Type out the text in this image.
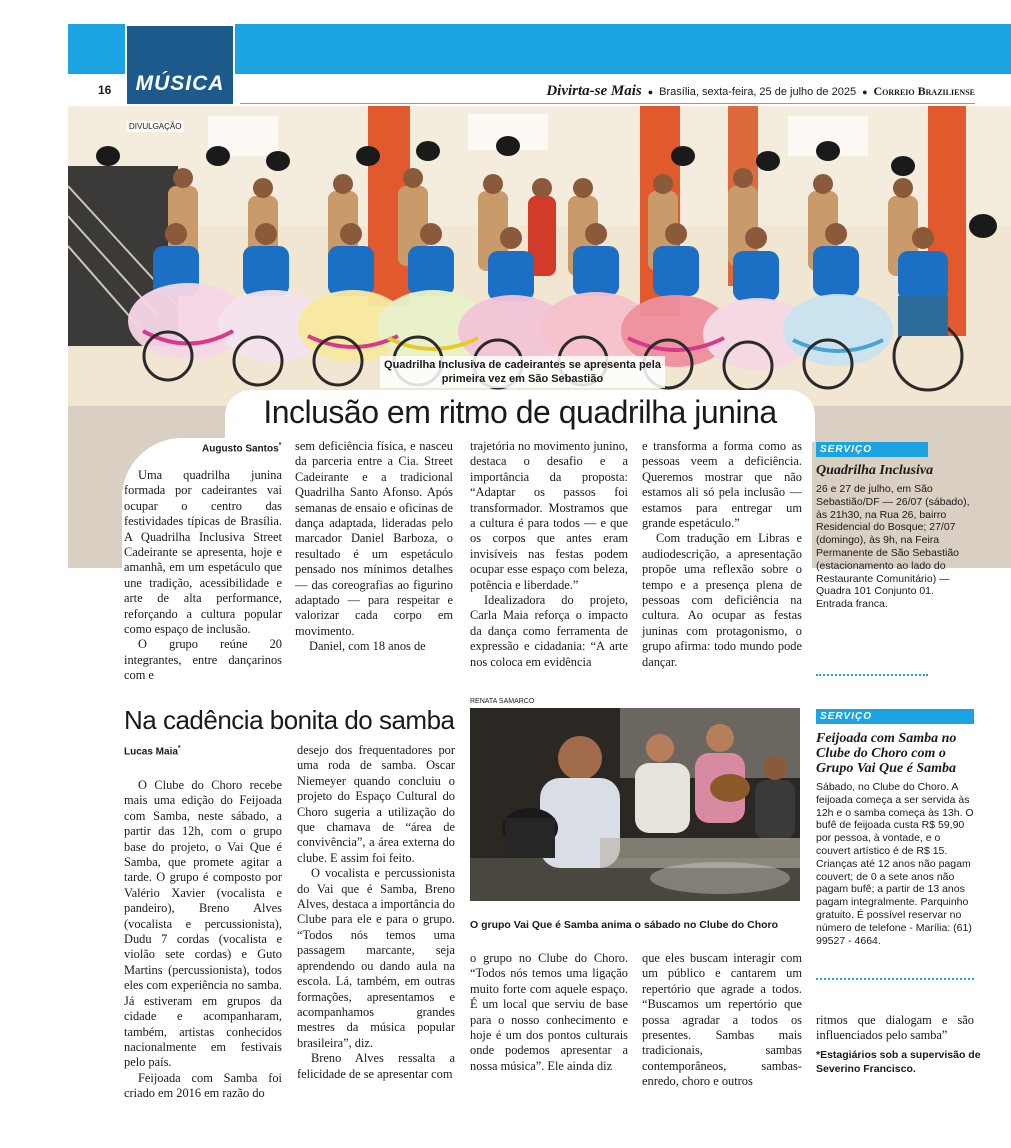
MÚSICA
16	Divirta-se Mais ● Brasília, sexta-feira, 25 de julho de 2025 ● Correio Braziliense
DIVULGAÇÃO
Quadrilha Inclusiva de cadeirantes se apresenta pela primeira vez em São Sebastião
Inclusão em ritmo de quadrilha junina
Augusto Santos*

Uma quadrilha junina formada por cadeirantes vai ocupar o centro das festividades típicas de Brasília. A Quadrilha Inclusiva Street Cadeirante se apresenta, hoje e amanhã, em um espetáculo que une tradição, acessibilidade e arte de alta performance, reforçando a cultura popular como espaço de inclusão.

O grupo reúne 20 integrantes, entre dançarinos com e

sem deficiência física, e nasceu da parceria entre a Cia. Street Cadeirante e a tradicional Quadrilha Santo Afonso. Após semanas de ensaio e oficinas de dança adaptada, lideradas pelo marcador Daniel Barboza, o resultado é um espetáculo pensado nos mínimos detalhes — das coreografias ao figurino adaptado — para respeitar e valorizar cada corpo em movimento.

Daniel, com 18 anos de

trajetória no movimento junino, destaca o desafio e a importância da proposta: “Adaptar os passos foi transformador. Mostramos que a cultura é para todos — e que os corpos que antes eram invisíveis nas festas podem ocupar esse espaço com beleza, potência e liberdade.”

Idealizadora do projeto, Carla Maia reforça o impacto da dança como ferramenta de expressão e cidadania: “A arte nos coloca em evidência

e transforma a forma como as pessoas veem a deficiência. Queremos mostrar que não estamos ali só pela inclusão — estamos para entregar um grande espetáculo.”

Com tradução em Libras e audiodescrição, a apresentação propõe uma reflexão sobre o tempo e a presença plena de pessoas com deficiência na cultura. Ao ocupar as festas juninas com protagonismo, o grupo afirma: todo mundo pode dançar.

SERVIÇO
Quadrilha Inclusiva
26 e 27 de julho, em São Sebastião/DF — 26/07 (sábado), às 21h30, na Rua 26, bairro Residencial do Bosque; 27/07 (domingo), às 9h, na Feira Permanente de São Sebastião (estacionamento ao lado do Restaurante Comunitário) — Quadra 101 Conjunto 01. Entrada franca.
Na cadência bonita do samba
Lucas Maia*

O Clube do Choro recebe mais uma edição do Feijoada com Samba, neste sábado, a partir das 12h, com o grupo base do projeto, o Vai Que é Samba, que promete agitar a tarde. O grupo é composto por Valério Xavier (vocalista e pandeiro), Breno Alves (vocalista e percussionista), Dudu 7 cordas (vocalista e violão sete cordas) e Guto Martins (percussionista), todos eles com experiência no samba. Já estiveram em grupos da cidade e acompanharam, também, artistas conhecidos nacionalmente em festivais pelo país.

Feijoada com Samba foi criado em 2016 em razão do

desejo dos frequentadores por uma roda de samba. Oscar Niemeyer quando concluiu o projeto do Espaço Cultural do Choro sugeria a utilização do que chamava de “área de convivência”, a área externa do clube. E assim foi feito.

O vocalista e percussionista do Vai que é Samba, Breno Alves, destaca a importância do Clube para ele e para o grupo. “Todos nós temos uma passagem marcante, seja aprendendo ou dando aula na escola. Lá, também, em outras formações, apresentamos e acompanhamos grandes mestres da música popular brasileira”, diz.

Breno Alves ressalta a felicidade de se apresentar com

RENATA SAMARCO
O grupo Vai Que é Samba anima o sábado no Clube do Choro

o grupo no Clube do Choro. “Todos nós temos uma ligação muito forte com aquele espaço. É um local que serviu de base para o nosso conhecimento e hoje é um dos pontos culturais onde podemos apresentar a nossa música”. Ele ainda diz

que eles buscam interagir com um público e cantarem um repertório que agrade a todos. “Buscamos um repertório que possa agradar a todos os presentes. Sambas mais tradicionais, sambas contemporâneos, sambas-enredo, choro e outros

SERVIÇO
Feijoada com Samba no Clube do Choro com o Grupo Vai Que é Samba
Sábado, no Clube do Choro. A feijoada começa a ser servida às 12h e o samba começa às 13h. O bufê de feijoada custa R$ 59,90 por pessoa, à vontade, e o couvert artístico é de R$ 15. Crianças até 12 anos não pagam couvert; de 0 a sete anos não pagam bufê; a partir de 13 anos pagam integralmente. Parquinho gratuito. É possível reservar no número de telefone - Marília: (61) 99527 - 4664.

ritmos que dialogam e são influenciados pelo samba”

*Estagiários sob a supervisão de Severino Francisco.
